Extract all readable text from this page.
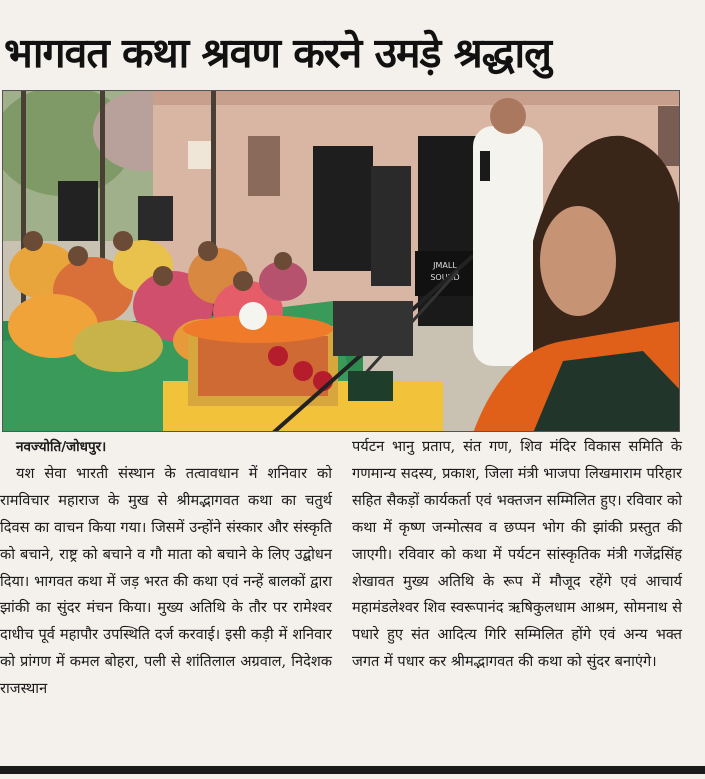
भागवत कथा श्रवण करने उमड़े श्रद्धालु
JMALL
SOUND

नवज्योति/जोधपुर।

यश सेवा भारती संस्थान के तत्वावधान में शनिवार को रामविचार महाराज के मुख से श्रीमद्भागवत कथा का चतुर्थ दिवस का वाचन किया गया। जिसमें उन्होंने संस्कार और संस्कृति को बचाने, राष्ट्र को बचाने व गौ माता को बचाने के लिए उद्बोधन दिया। भागवत कथा में जड़ भरत की कथा एवं नन्हें बालकों द्वारा झांकी का सुंदर मंचन किया। मुख्य अतिथि के तौर पर रामेश्वर दाधीच पूर्व महापौर उपस्थिति दर्ज करवाई। इसी कड़ी में शनिवार को प्रांगण में कमल बोहरा, पली से शांतिलाल अग्रवाल, निदेशक राजस्थान

पर्यटन भानु प्रताप, संत गण, शिव मंदिर विकास समिति के गणमान्य सदस्य, प्रकाश, जिला मंत्री भाजपा लिखमाराम परिहार सहित सैकड़ों कार्यकर्ता एवं भक्तजन सम्मिलित हुए। रविवार को कथा में कृष्ण जन्मोत्सव व छप्पन भोग की झांकी प्रस्तुत की जाएगी। रविवार को कथा में पर्यटन सांस्कृतिक मंत्री गजेंद्रसिंह शेखावत मुख्य अतिथि के रूप में मौजूद रहेंगे एवं आचार्य महामंडलेश्वर शिव स्वरूपानंद ऋषिकुलधाम आश्रम, सोमनाथ से पधारे हुए संत आदित्य गिरि सम्मिलित होंगे एवं अन्य भक्त जगत में पधार कर श्रीमद्भागवत की कथा को सुंदर बनाएंगे।
